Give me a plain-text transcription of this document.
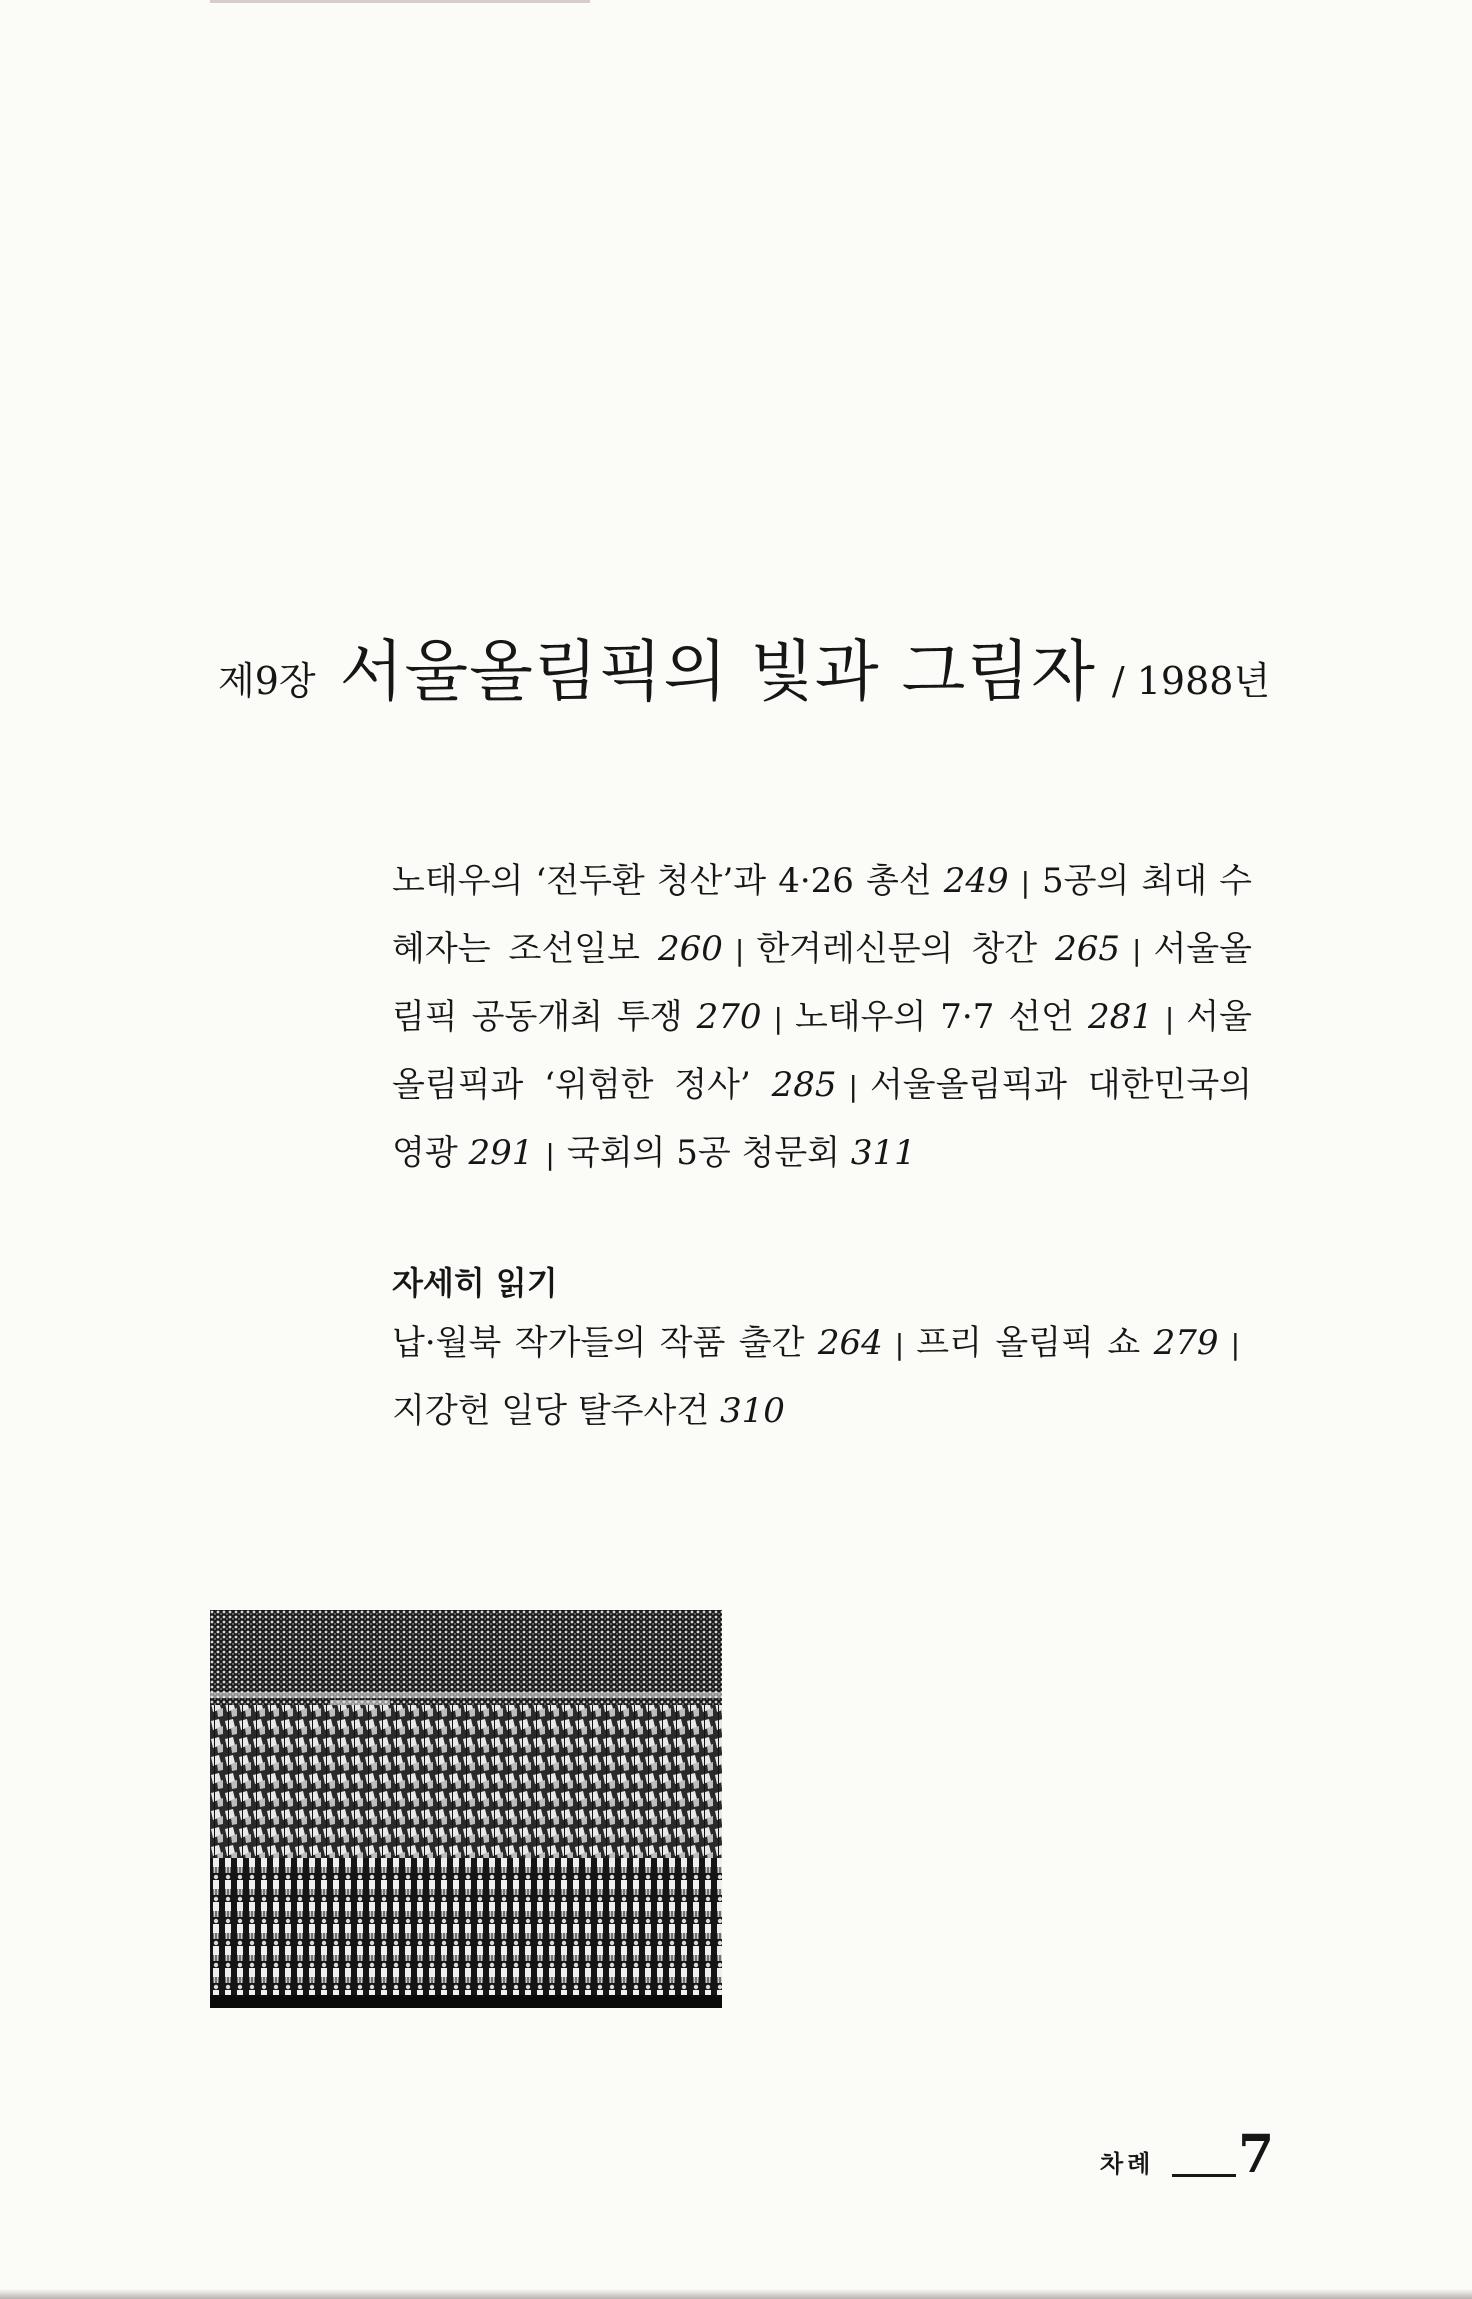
제9장 서울올림픽의 빛과 그림자 / 1988년
노태우의 ‘전두환 청산’과 4·26 총선 249 | 5공의 최대 수혜자는 조선일보 260 | 한겨레신문의 창간 265 | 서울올림픽 공동개최 투쟁 270 | 노태우의 7·7 선언 281 | 서울올림픽과 ‘위험한 정사’ 285 | 서울올림픽과 대한민국의 영광 291 | 국회의 5공 청문회 311
자세히 읽기
납·월북 작가들의 작품 출간 264 | 프리 올림픽 쇼 279 |지강헌 일당 탈주사건 310
차례 7
